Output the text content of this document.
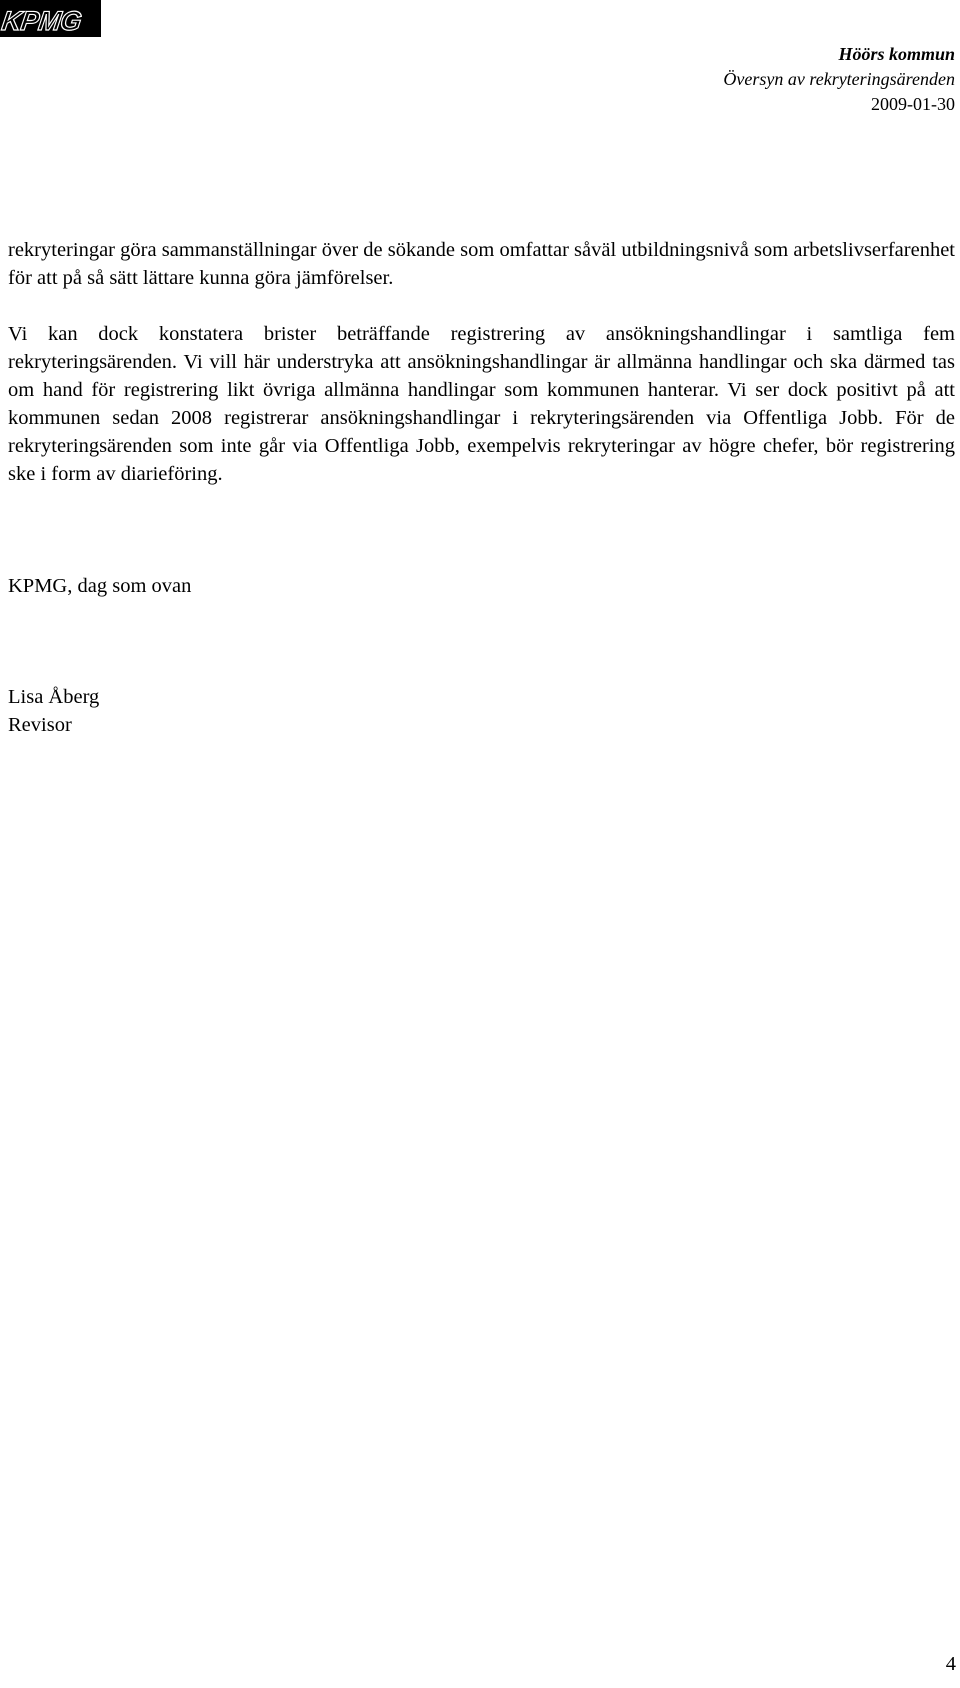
KPMG
Höörs kommun
Översyn av rekryteringsärenden
2009-01-30

rekryteringar göra sammanställningar över de sökande som omfattar såväl utbildningsnivå som arbetslivserfarenhet för att på så sätt lättare kunna göra jämförelser.

Vi kan dock konstatera brister beträffande registrering av ansökningshandlingar i samtliga fem rekryteringsärenden. Vi vill här understryka att ansökningshandlingar är allmänna handlingar och ska därmed tas om hand för registrering likt övriga allmänna handlingar som kommunen hanterar. Vi ser dock positivt på att kommunen sedan 2008 registrerar ansökningshandlingar i rekryteringsärenden via Offentliga Jobb. För de rekryteringsärenden som inte går via Offentliga Jobb, exempelvis rekryteringar av högre chefer, bör registrering ske i form av diarieföring.

KPMG, dag som ovan
Lisa Åberg
Revisor
4
